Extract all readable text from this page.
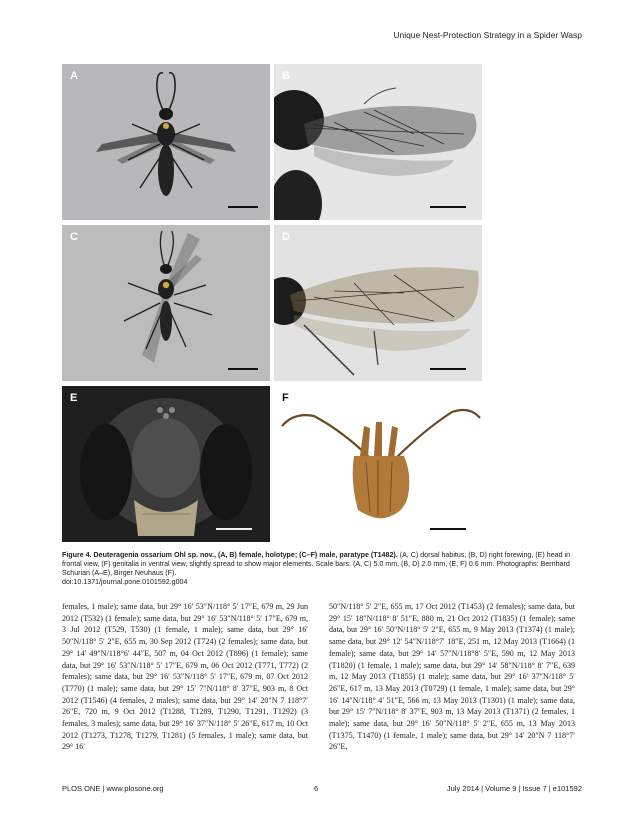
Unique Nest-Protection Strategy in a Spider Wasp
A	B
C	D
E	F
Figure 4. Deuteragenia ossarium Ohl sp. nov., (A, B) female, holotype; (C–F) male, paratype (T1482). (A, C) dorsal habitus, (B, D) right forewing, (E) head in frontal view, (F) genitalia in ventral view, slightly spread to show major elements. Scale bars: (A, C) 5.0 mm, (B, D) 2.0 mm, (E, F) 0.6 mm. Photographs: Bernhard Schurian (A–E), Birger Neuhaus (F).
doi:10.1371/journal.pone.0101592.g004
females, 1 male); same data, but 29° 16′ 53″N/118° 5′ 17″E, 679 m, 29 Jun 2012 (T532) (1 female); same data, but 29° 16′ 53″N/118° 5′ 17″E, 679 m, 3 Jul 2012 (T529, T530) (1 female, 1 male); same data, but 29° 16′ 50″N/118° 5′ 2″E, 655 m, 30 Sep 2012 (T724) (2 females); same data, but 29° 14′ 49″N/118°6′ 44″E, 507 m, 04 Oct 2012 (T896) (1 female); same data, but 29° 16′ 53″N/118° 5′ 17″E, 679 m, 06 Oct 2012 (T771, T772) (2 females); same data, but 29° 16′ 53″N/118° 5′ 17″E, 679 m, 07 Oct 2012 (T770) (1 male); same data, but 29° 15′ 7″N/118° 8′ 37″E, 903 m, 8 Oct 2012 (T1546) (4 females, 2 males); same data, but 29° 14′ 20″N 7 118°7′ 26″E, 720 m, 9 Oct 2012 (T1288, T1289, T1290, T1291, T1292) (3 females, 3 males); same data, but 29° 16′ 37″N/118° 5′ 26″E, 617 m, 10 Oct 2012 (T1273, T1278, T1279, T1281) (5 females, 1 male); same data, but 29° 16′
50″N/118° 5′ 2″E, 655 m, 17 Oct 2012 (T1453) (2 females); same data, but 29° 15′ 18″N/118° 8′ 51″E, 880 m, 21 Oct 2012 (T1835) (1 female); same data, but 29° 16′ 50″N/118° 5′ 2″E, 655 m, 9 May 2013 (T1374) (1 male); same data, but 29° 12′ 54″N/118°7′ 18″E, 251 m, 12 May 2013 (T1664) (1 female); same data, but 29° 14′ 57″N/118°8′ 5″E, 590 m, 12 May 2013 (T1820) (1 female, 1 male); same data, but 29° 14′ 58″N/118° 8′ 7″E, 639 m, 12 May 2013 (T1855) (1 male); same data, but 29° 16′ 37″N/118° 5′ 26″E, 617 m, 13 May 2013 (T0729) (1 female, 1 male); same data, but 29° 16′ 14″N/118° 4′ 51″E, 566 m, 13 May 2013 (T1301) (1 male); same data, but 29° 15′ 7″N/118° 8′ 37″E, 903 m, 13 May 2013 (T1371) (2 females, 1 male); same data, but 29° 16′ 50″N/118° 5′ 2″E, 655 m, 13 May 2013 (T1375, T1470) (1 female, 1 male); same data, but 29° 14′ 20″N 7 118°7′ 26″E,
PLOS ONE | www.plosone.org	6	July 2014 | Volume 9 | Issue 7 | e101592
